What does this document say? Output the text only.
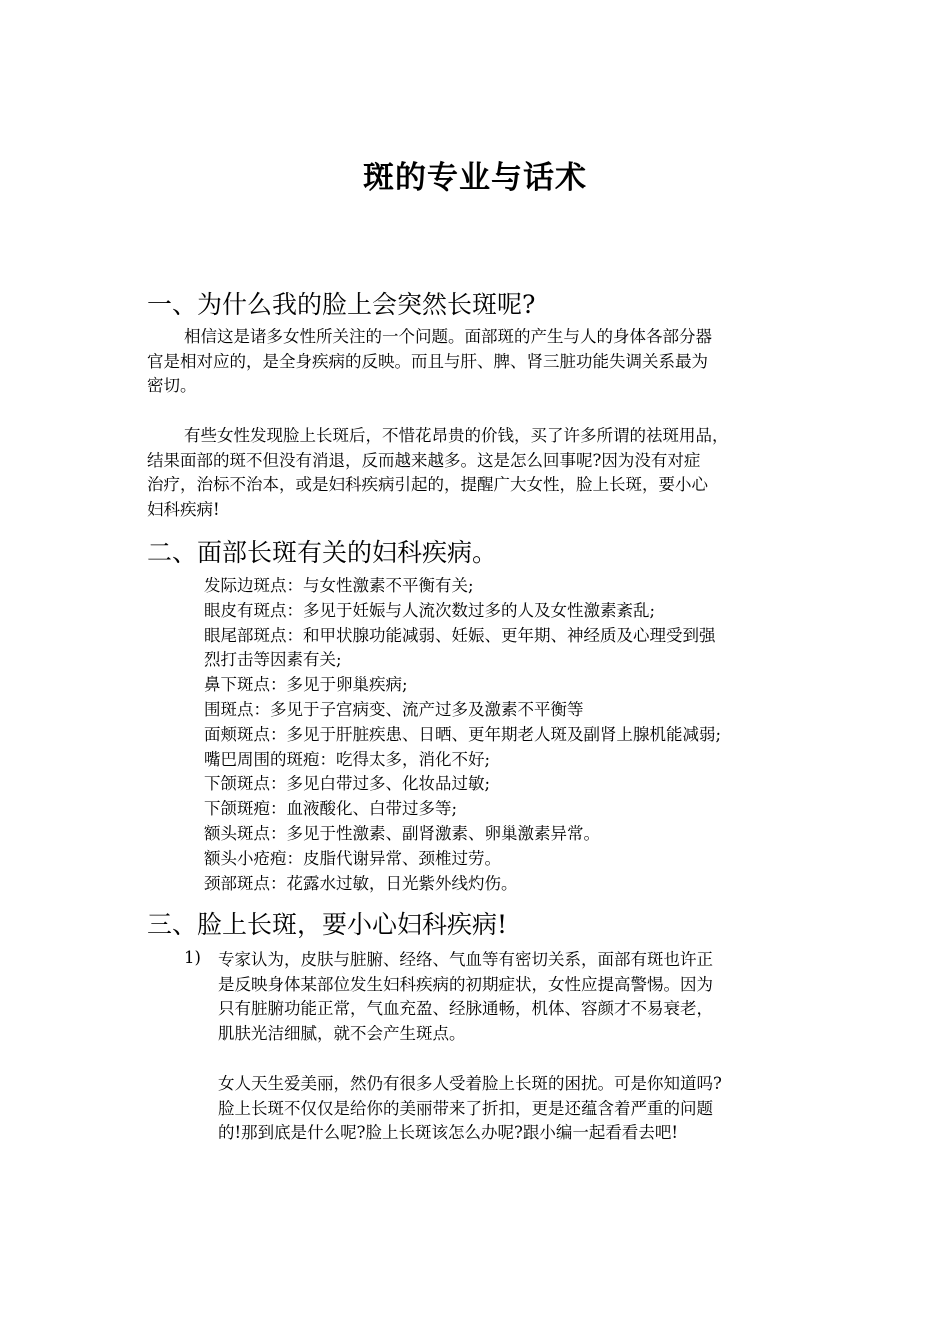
斑的专业与话术
一、为什么我的脸上会突然长斑呢?
相信这是诸多女性所关注的一个问题。面部斑的产生与人的身体各部分器
官是相对应的，是全身疾病的反映。而且与肝、脾、肾三脏功能失调关系最为
密切。
有些女性发现脸上长斑后，不惜花昂贵的价钱，买了许多所谓的祛斑用品，
结果面部的斑不但没有消退，反而越来越多。这是怎么回事呢?因为没有对症
治疗，治标不治本，或是妇科疾病引起的，提醒广大女性，脸上长斑，要小心
妇科疾病!
二、面部长斑有关的妇科疾病。
发际边斑点：与女性激素不平衡有关;
眼皮有斑点：多见于妊娠与人流次数过多的人及女性激素紊乱;
眼尾部斑点：和甲状腺功能减弱、妊娠、更年期、神经质及心理受到强
烈打击等因素有关;
鼻下斑点：多见于卵巢疾病;
围斑点：多见于子宫病变、流产过多及激素不平衡等
面颊斑点：多见于肝脏疾患、日晒、更年期老人斑及副肾上腺机能减弱;
嘴巴周围的斑疱：吃得太多，消化不好;
下颌斑点：多见白带过多、化妆品过敏;
下颌斑疱：血液酸化、白带过多等;
额头斑点：多见于性激素、副肾激素、卵巢激素异常。
额头小疮疱：皮脂代谢异常、颈椎过劳。
颈部斑点：花露水过敏，日光紫外线灼伤。
三、脸上长斑，要小心妇科疾病!
1) 专家认为，皮肤与脏腑、经络、气血等有密切关系，面部有斑也许正
是反映身体某部位发生妇科疾病的初期症状，女性应提高警惕。因为
只有脏腑功能正常，气血充盈、经脉通畅，机体、容颜才不易衰老，
肌肤光洁细腻，就不会产生斑点。
女人天生爱美丽，然仍有很多人受着脸上长斑的困扰。可是你知道吗?
脸上长斑不仅仅是给你的美丽带来了折扣，更是还蕴含着严重的问题
的!那到底是什么呢?脸上长斑该怎么办呢?跟小编一起看看去吧!
